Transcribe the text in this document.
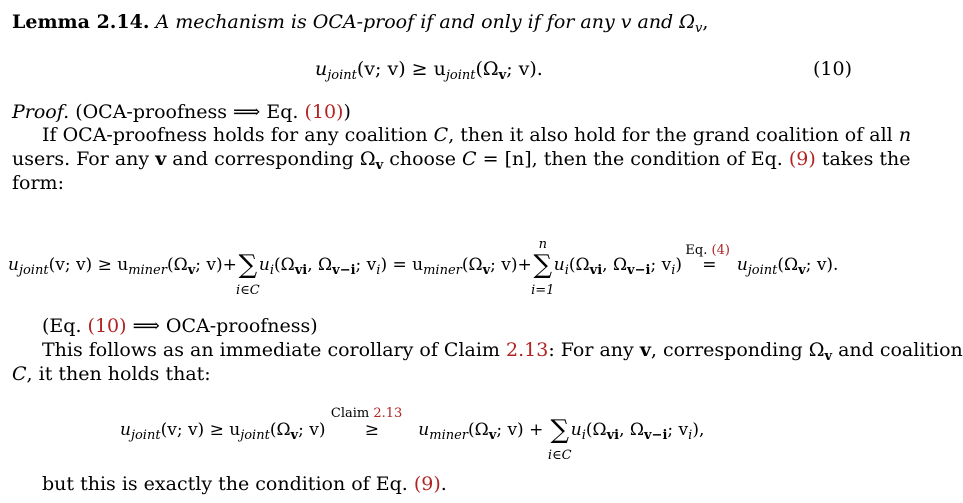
Lemma 2.14. A mechanism is OCA-proof if and only if for any v and $\Omega_v$,
$u_{joint}(v$; $v) \ge u_{joint}(\Omega_v$; v).	(10)
Proof. (OCA-proofness ⟹ Eq. (10))
If OCA-proofness holds for any coalition C, then it also hold for the grand coalition of all n
users. For any v and corresponding $\Omega_v$ choose C = [n], then the condition of Eq. (9) takes the
form:
$u_{joint}(v$; $v) \ge u_{miner}(\Omega_v$; v)+∑
i∈C
$u_i(\Omega_{vi}$, $\Omega_{v-i}$; $v_i) = u_{miner}(\Omega_v$; v)+
n
∑
i=1
$u_i(\Omega_{vi}$, $\Omega_{v-i}$; $v_i$)
Eq. (4)
= $u_{joint}(\Omega_v$; v).
(Eq. (10) ⟹ OCA-proofness)
This follows as an immediate corollary of Claim 2.13: For any v, corresponding $\Omega_v$ and coalition
C, it then holds that:
$u_{joint}(v$; $v) \ge u_{joint}(\Omega_v$; v)
Claim 2.13
≥ $u_{miner}(\Omega_v$; v) + ∑
i∈C
$u_i(\Omega_{vi}$, $\Omega_{v-i}$; $v_i$),
but this is exactly the condition of Eq. (9).
